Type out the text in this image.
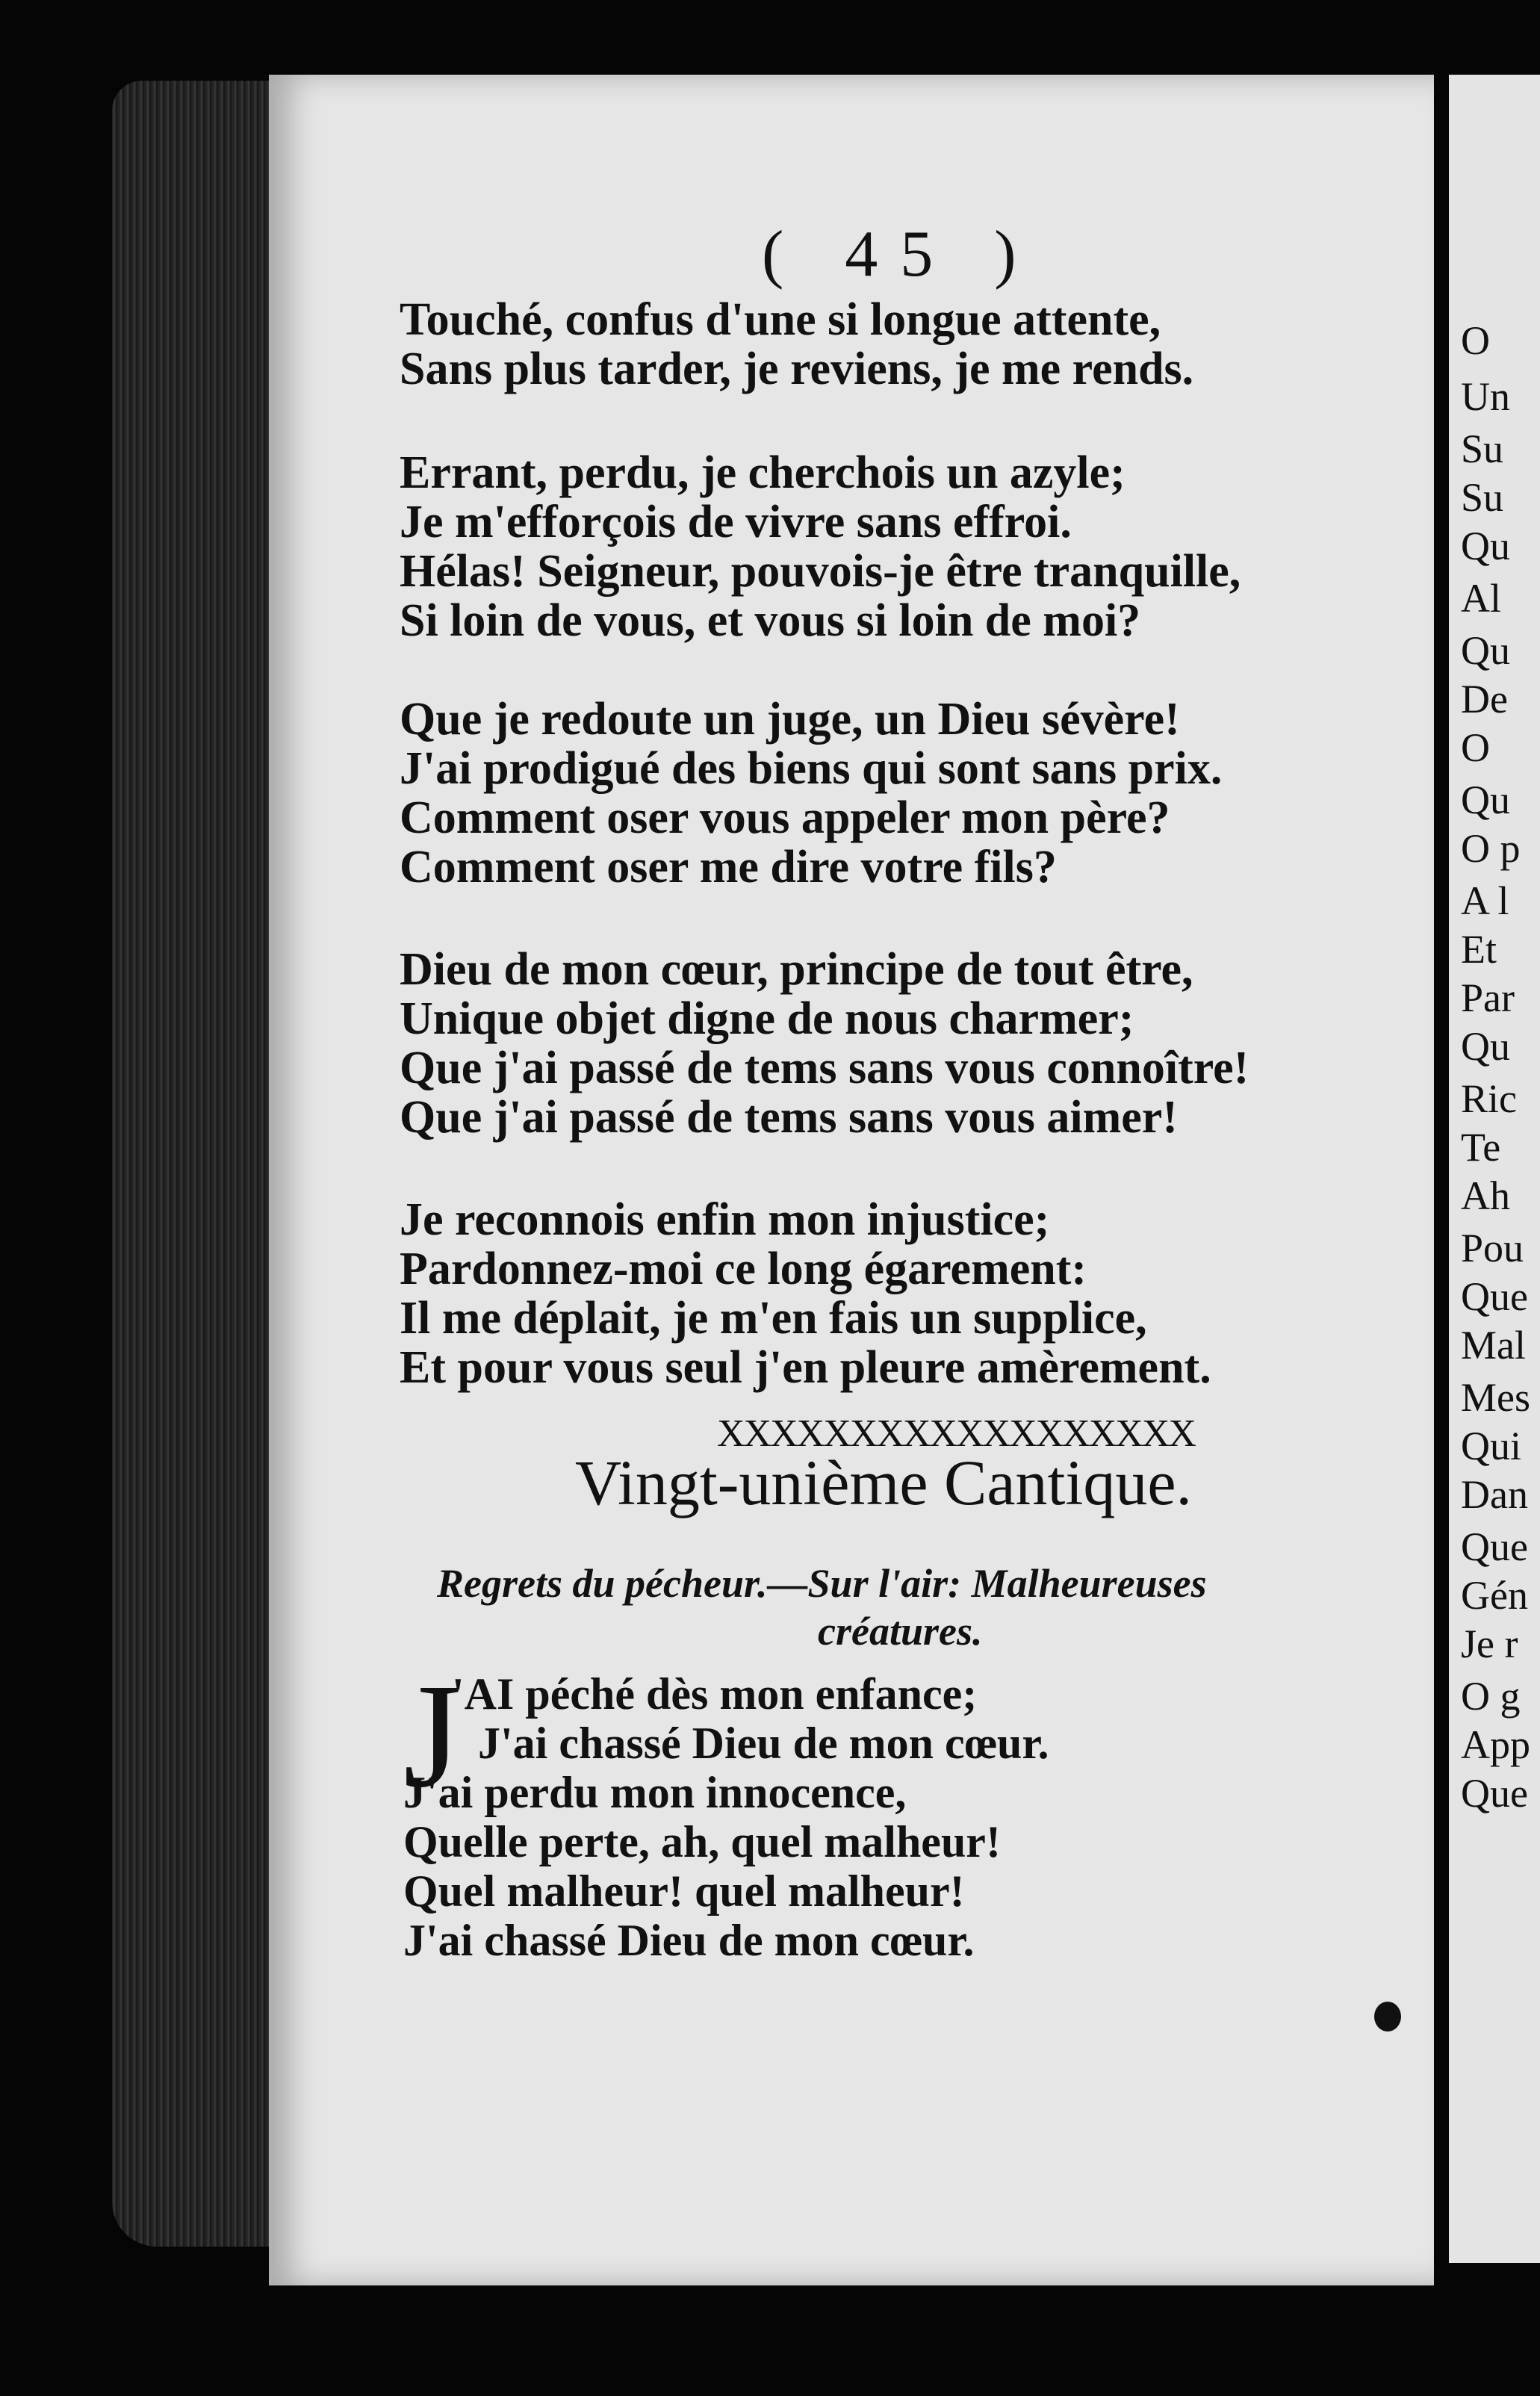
( 45 )
Touché, confus d'une si longue attente,
Sans plus tarder, je reviens, je me rends.
Errant, perdu, je cherchois un azyle;
Je m'efforçois de vivre sans effroi.
Hélas! Seigneur, pouvois-je être tranquille,
Si loin de vous, et vous si loin de moi?
Que je redoute un juge, un Dieu sévère!
J'ai prodigué des biens qui sont sans prix.
Comment oser vous appeler mon père?
Comment oser me dire votre fils?
Dieu de mon cœur, principe de tout être,
Unique objet digne de nous charmer;
Que j'ai passé de tems sans vous connoître!
Que j'ai passé de tems sans vous aimer!
Je reconnois enfin mon injustice;
Pardonnez-moi ce long égarement:
Il me déplait, je m'en fais un supplice,
Et pour vous seul j'en pleure amèrement.
XXXXXXXXXXXXXXXXXX
Vingt-unième Cantique.
Regrets du pécheur.—Sur l'air: Malheureuses
créatures.
J
'AI péché dès mon enfance;
J'ai chassé Dieu de mon cœur.
J'ai perdu mon innocence,
Quelle perte, ah, quel malheur!
Quel malheur! quel malheur!
J'ai chassé Dieu de mon cœur.
O
Un
Su
Su
Qu
Al
Qu
De
O
Qu
O p
A l
Et
Par
Qu
Ric
Te
Ah
Pou
Que
Mal
Mes
Qui
Dan
Que
Gén
Je r
O g
App
Que
